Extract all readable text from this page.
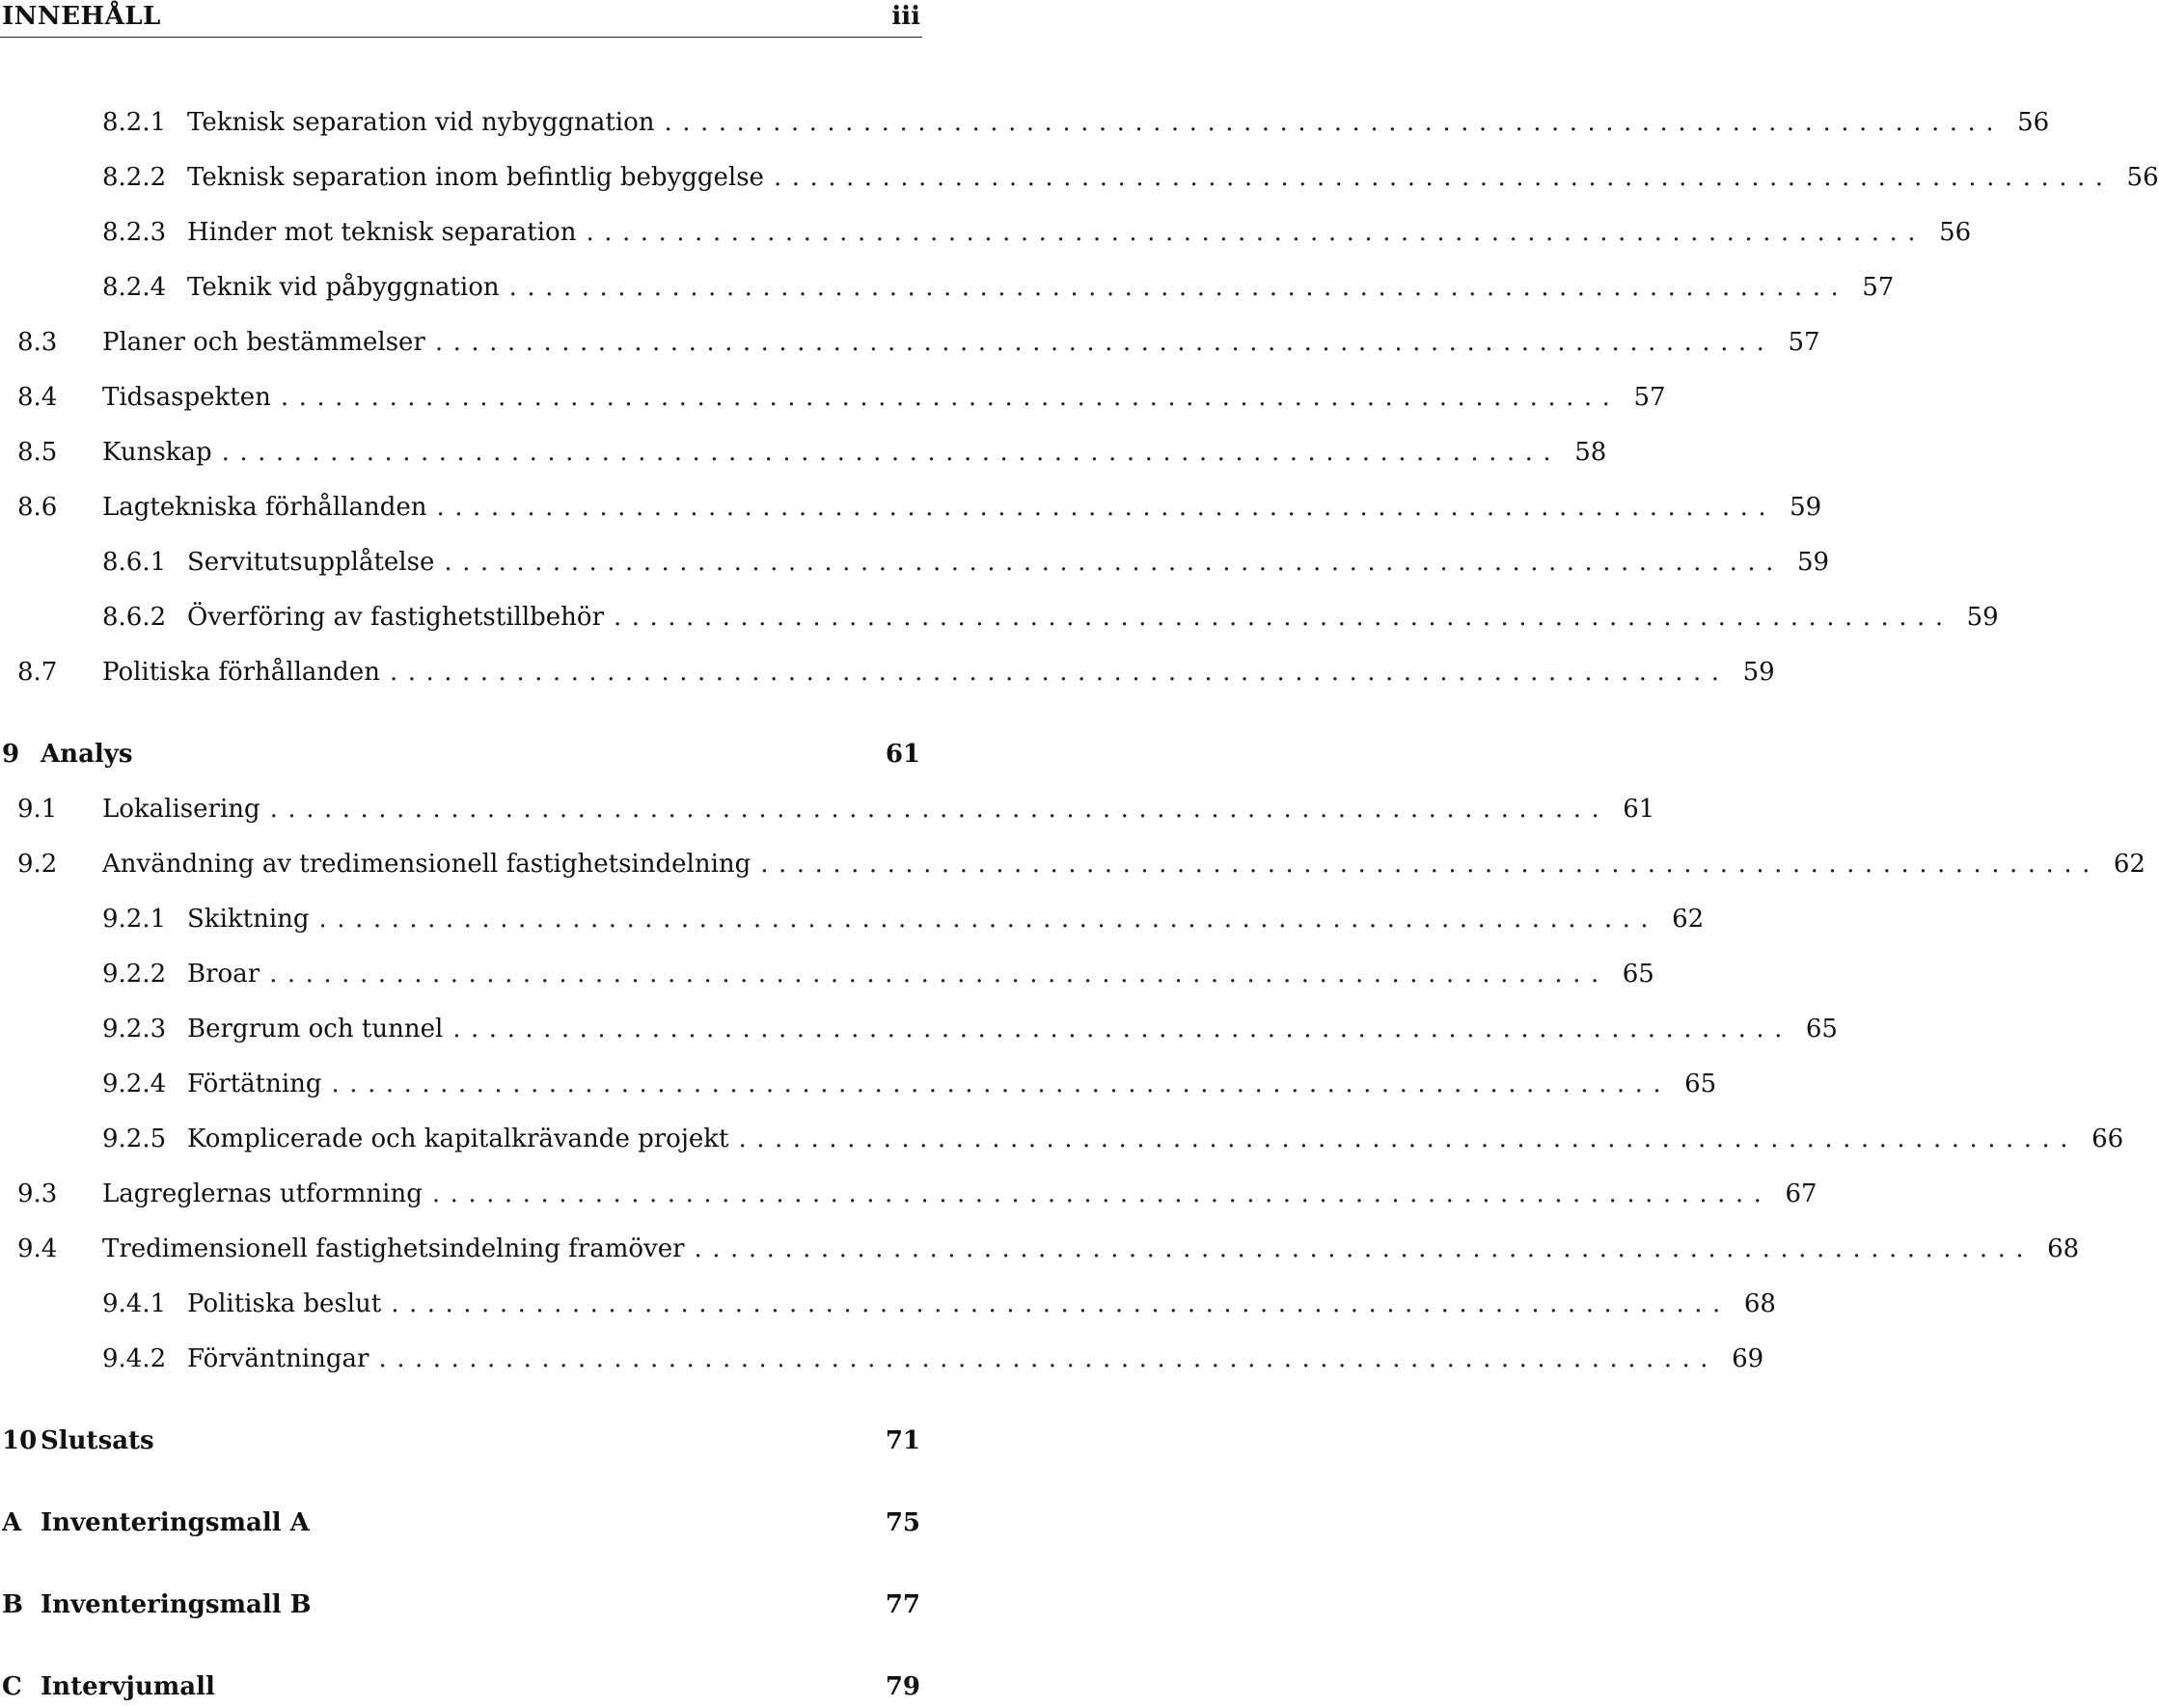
INNEHÅLL	iii
8.2.1 Teknisk separation vid nybyggnation .......................................................................... 56
8.2.2 Teknisk separation inom befintlig bebyggelse .......................................................................... 56
8.2.3 Hinder mot teknisk separation .......................................................................... 56
8.2.4 Teknik vid påbyggnation .......................................................................... 57
8.3	Planer och bestämmelser .......................................................................... 57
8.4	Tidsaspekten .......................................................................... 57
8.5	Kunskap .......................................................................... 58
8.6	Lagtekniska förhållanden .......................................................................... 59
8.6.1 Servitutsupplåtelse .......................................................................... 59
8.6.2 Överföring av fastighetstillbehör .......................................................................... 59
8.7	Politiska förhållanden .......................................................................... 59
9 Analys	61
9.1	Lokalisering .......................................................................... 61
9.2	Användning av tredimensionell fastighetsindelning .......................................................................... 62
9.2.1 Skiktning .......................................................................... 62
9.2.2 Broar .......................................................................... 65
9.2.3 Bergrum och tunnel .......................................................................... 65
9.2.4 Förtätning .......................................................................... 65
9.2.5 Komplicerade och kapitalkrävande projekt .......................................................................... 66
9.3	Lagreglernas utformning .......................................................................... 67
9.4	Tredimensionell fastighetsindelning framöver .......................................................................... 68
9.4.1 Politiska beslut .......................................................................... 68
9.4.2 Förväntningar .......................................................................... 69
10 Slutsats	71
A Inventeringsmall A	75
B Inventeringsmall B	77
C Intervjumall	79
